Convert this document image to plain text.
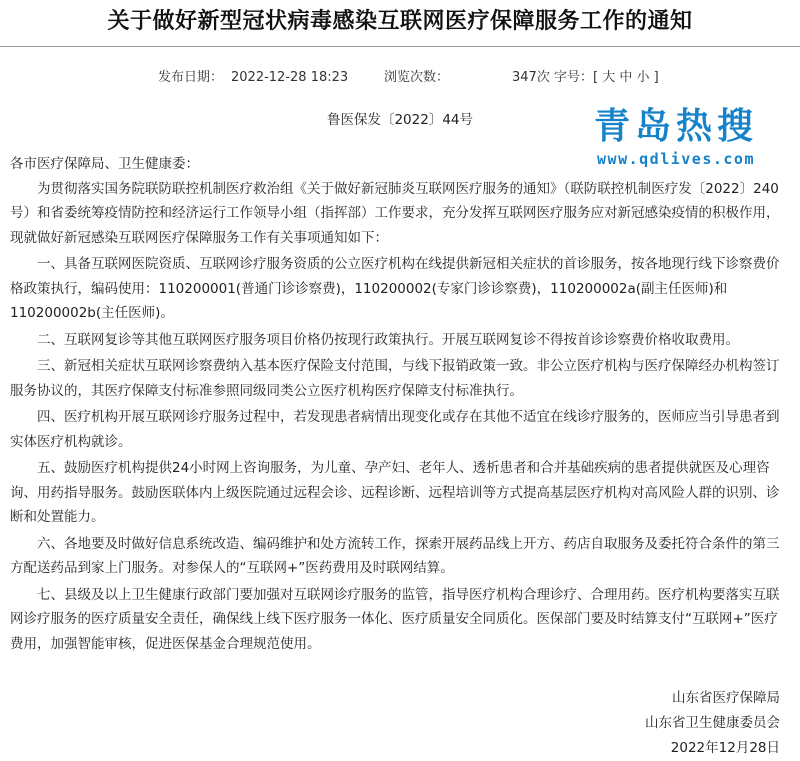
关于做好新型冠状病毒感染互联网医疗保障服务工作的通知
发布日期： 2022-12-28 18:23	浏览次数：	347次 字号：[ 大 中 小 ]
鲁医保发〔2022〕44号	青岛热搜
www.qdlives.com

各市医疗保障局、卫生健康委：

为贯彻落实国务院联防联控机制医疗救治组《关于做好新冠肺炎互联网医疗服务的通知》（联防联控机制医疗发〔2022〕240号）和省委统筹疫情防控和经济运行工作领导小组（指挥部）工作要求，充分发挥互联网医疗服务应对新冠感染疫情的积极作用，现就做好新冠感染互联网医疗保障服务工作有关事项通知如下：

一、具备互联网医院资质、互联网诊疗服务资质的公立医疗机构在线提供新冠相关症状的首诊服务，按各地现行线下诊察费价格政策执行，编码使用：110200001(普通门诊诊察费)，110200002(专家门诊诊察费)，110200002a(副主任医师)和110200002b(主任医师)。

二、互联网复诊等其他互联网医疗服务项目价格仍按现行政策执行。开展互联网复诊不得按首诊诊察费价格收取费用。

三、新冠相关症状互联网诊察费纳入基本医疗保险支付范围，与线下报销政策一致。非公立医疗机构与医疗保障经办机构签订服务协议的，其医疗保障支付标准参照同级同类公立医疗机构医疗保障支付标准执行。

四、医疗机构开展互联网诊疗服务过程中，若发现患者病情出现变化或存在其他不适宜在线诊疗服务的，医师应当引导患者到实体医疗机构就诊。

五、鼓励医疗机构提供24小时网上咨询服务，为儿童、孕产妇、老年人、透析患者和合并基础疾病的患者提供就医及心理咨询、用药指导服务。鼓励医联体内上级医院通过远程会诊、远程诊断、远程培训等方式提高基层医疗机构对高风险人群的识别、诊断和处置能力。

六、各地要及时做好信息系统改造、编码维护和处方流转工作，探索开展药品线上开方、药店自取服务及委托符合条件的第三方配送药品到家上门服务。对参保人的“互联网+”医药费用及时联网结算。

七、县级及以上卫生健康行政部门要加强对互联网诊疗服务的监管，指导医疗机构合理诊疗、合理用药。医疗机构要落实互联网诊疗服务的医疗质量安全责任，确保线上线下医疗服务一体化、医疗质量安全同质化。医保部门要及时结算支付“互联网+”医疗费用，加强智能审核，促进医保基金合理规范使用。

山东省医疗保障局
山东省卫生健康委员会
2022年12月28日
